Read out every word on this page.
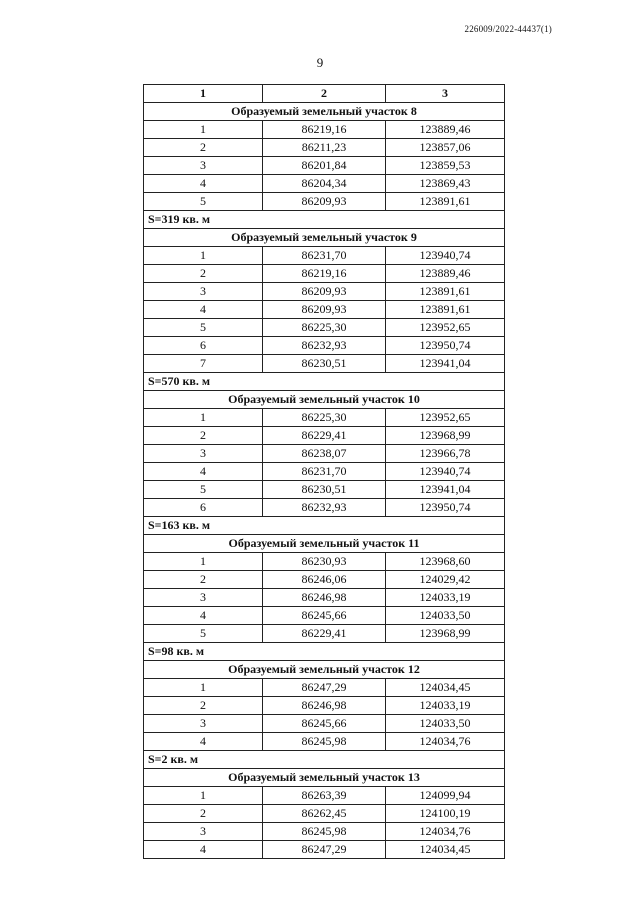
226009/2022-44437(1)
9
1	2	3
Образуемый земельный участок 8		
1	86219,16	123889,46
2	86211,23	123857,06
3	86201,84	123859,53
4	86204,34	123869,43
5	86209,93	123891,61
S=319 кв. м		
Образуемый земельный участок 9		
1	86231,70	123940,74
2	86219,16	123889,46
3	86209,93	123891,61
4	86209,93	123891,61
5	86225,30	123952,65
6	86232,93	123950,74
7	86230,51	123941,04
S=570 кв. м		
Образуемый земельный участок 10		
1	86225,30	123952,65
2	86229,41	123968,99
3	86238,07	123966,78
4	86231,70	123940,74
5	86230,51	123941,04
6	86232,93	123950,74
S=163 кв. м		
Образуемый земельный участок 11		
1	86230,93	123968,60
2	86246,06	124029,42
3	86246,98	124033,19
4	86245,66	124033,50
5	86229,41	123968,99
S=98 кв. м		
Образуемый земельный участок 12		
1	86247,29	124034,45
2	86246,98	124033,19
3	86245,66	124033,50
4	86245,98	124034,76
S=2 кв. м		
Образуемый земельный участок 13		
1	86263,39	124099,94
2	86262,45	124100,19
3	86245,98	124034,76
4	86247,29	124034,45
